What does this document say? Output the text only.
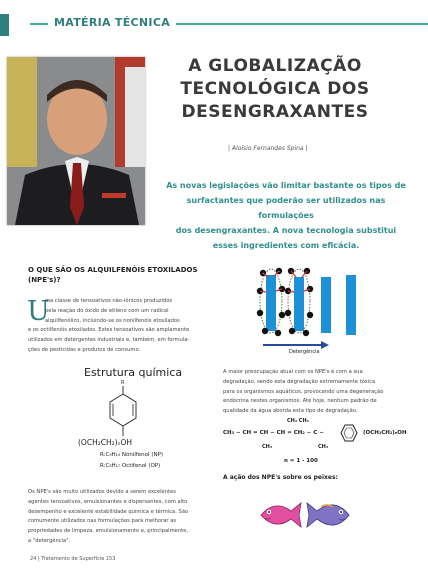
MATÉRIA TÉCNICA
A GLOBALIZAÇÃO
TECNOLÓGICA DOS
DESENGRAXANTES
| Aloísio Fernandes Spina |
As novas legislações vão limitar bastante os tipos de
surfactantes que poderão ser utilizados nas formulações
dos desengraxantes. A nova tecnologia substitui
esses ingredientes com eficácia.
O QUE SÃO OS ALQUILFENÓIS ETOXILADOS
(NPE's)?
U
ma classe de tensoativos não-iônicos produzidos
pela reação do óxido de etileno com um radical
alquilfenólico, incluindo-se os nonilfenóis etoxilados
e os octilfenóis etoxilados. Estes tensoativos são amplamente
utilizados em detergentes industriais e, também, em formula-
ções de pesticidas e produtos de consumo.
Estrutura química
R
(OCH₂CH₂)ₙOH
R:C₉H₁₉ Nonilfenol (NP)
R:C₈H₁₇ Octifenol (OP)
Os NPE's são muito utilizados devido a serem excelentes
agentes tensoativos, emulsionantes e dispersantes, com alto
desempenho e excelente estabilidade química e térmica. São
comumente utilizados nas formulações para melhorar as
propriedades de limpeza, emulsionamento e, principalmente,
a "detergência".
−	−
Detergência
A maior preocupação atual com os NPE's é com a sua
degradação, sendo esta degradação extremamente tóxica
para os organismos aquáticos, provocando uma degeneração
endócrina nestes organismos. Até hoje, nenhum padrão de
qualidade da água aborda esta tipo de degradação.
CH₃ CH₃
CH₃ − CH = CH − CH = CH₂ − C −	(OCH₂CH₂)ₙOH
CH₃	CH₃
n = 1 - 100
A ação dos NPE's sobre os peixes:
24 | Tratamento de Superfície 153
